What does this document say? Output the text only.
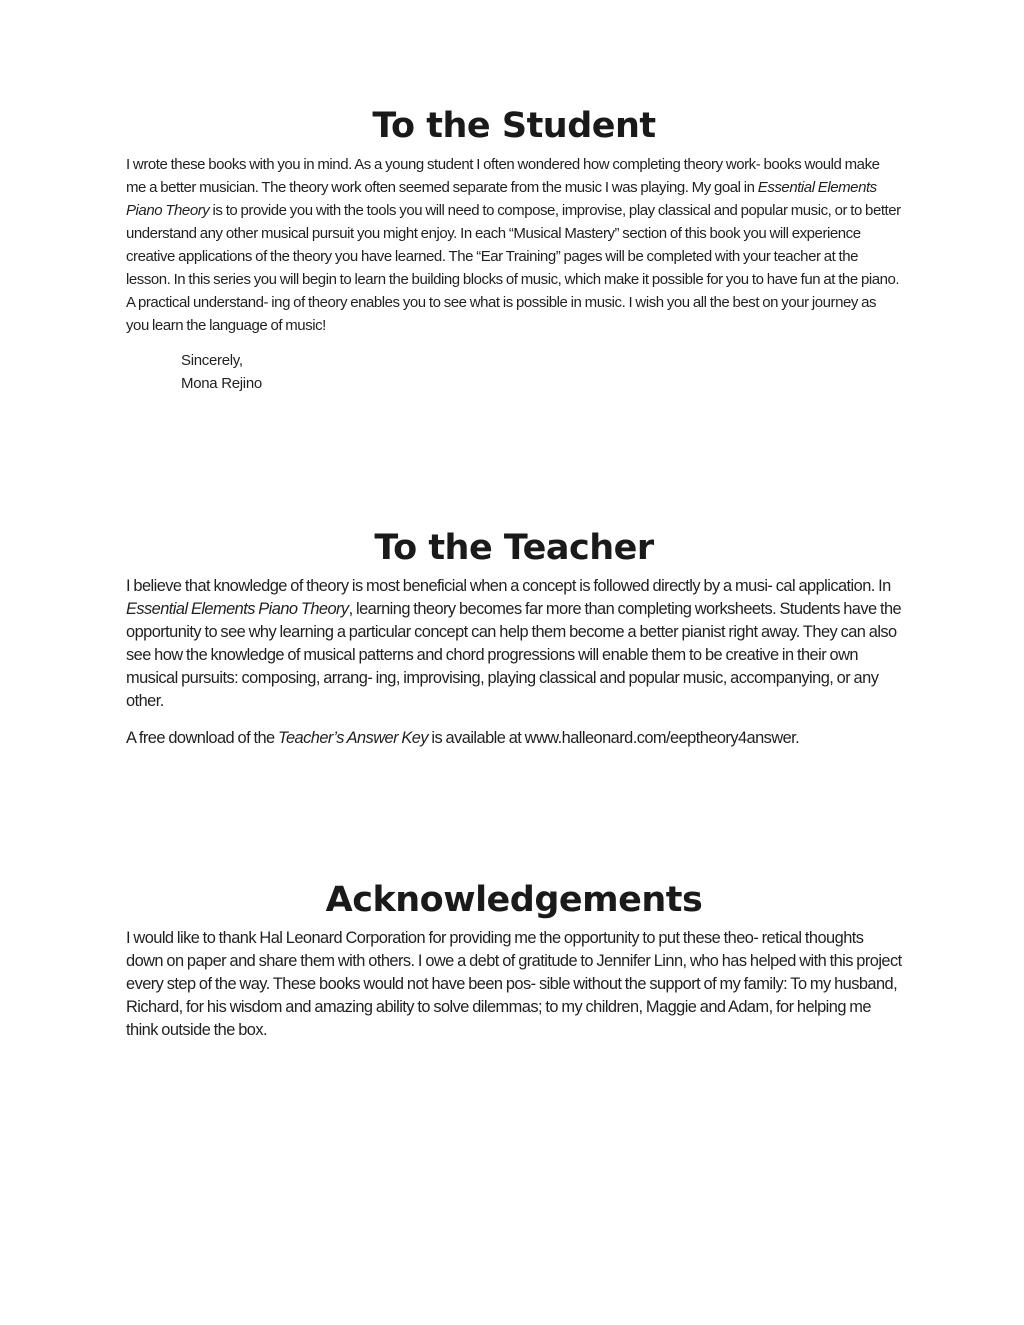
To the Student

I wrote these books with you in mind. As a young student I often wondered how completing theory work- books would make me a better musician. The theory work often seemed separate from the music I was playing. My goal in Essential Elements Piano Theory is to provide you with the tools you will need to compose, improvise, play classical and popular music, or to better understand any other musical pursuit you might enjoy. In each “Musical Mastery” section of this book you will experience creative applications of the theory you have learned. The “Ear Training” pages will be completed with your teacher at the lesson. In this series you will begin to learn the building blocks of music, which make it possible for you to have fun at the piano. A practical understand- ing of theory enables you to see what is possible in music. I wish you all the best on your journey as you learn the language of music!

Sincerely,
Mona Rejino
To the Teacher

I believe that knowledge of theory is most beneficial when a concept is followed directly by a musi- cal application. In Essential Elements Piano Theory, learning theory becomes far more than completing worksheets. Students have the opportunity to see why learning a particular concept can help them become a better pianist right away. They can also see how the knowledge of musical patterns and chord progressions will enable them to be creative in their own musical pursuits: composing, arrang- ing, improvising, playing classical and popular music, accompanying, or any other.

A free download of the Teacher’s Answer Key is available at www.halleonard.com/eeptheory4answer.

Acknowledgements

I would like to thank Hal Leonard Corporation for providing me the opportunity to put these theo- retical thoughts down on paper and share them with others. I owe a debt of gratitude to Jennifer Linn, who has helped with this project every step of the way. These books would not have been pos- sible without the support of my family: To my husband, Richard, for his wisdom and amazing ability to solve dilemmas; to my children, Maggie and Adam, for helping me think outside the box.
